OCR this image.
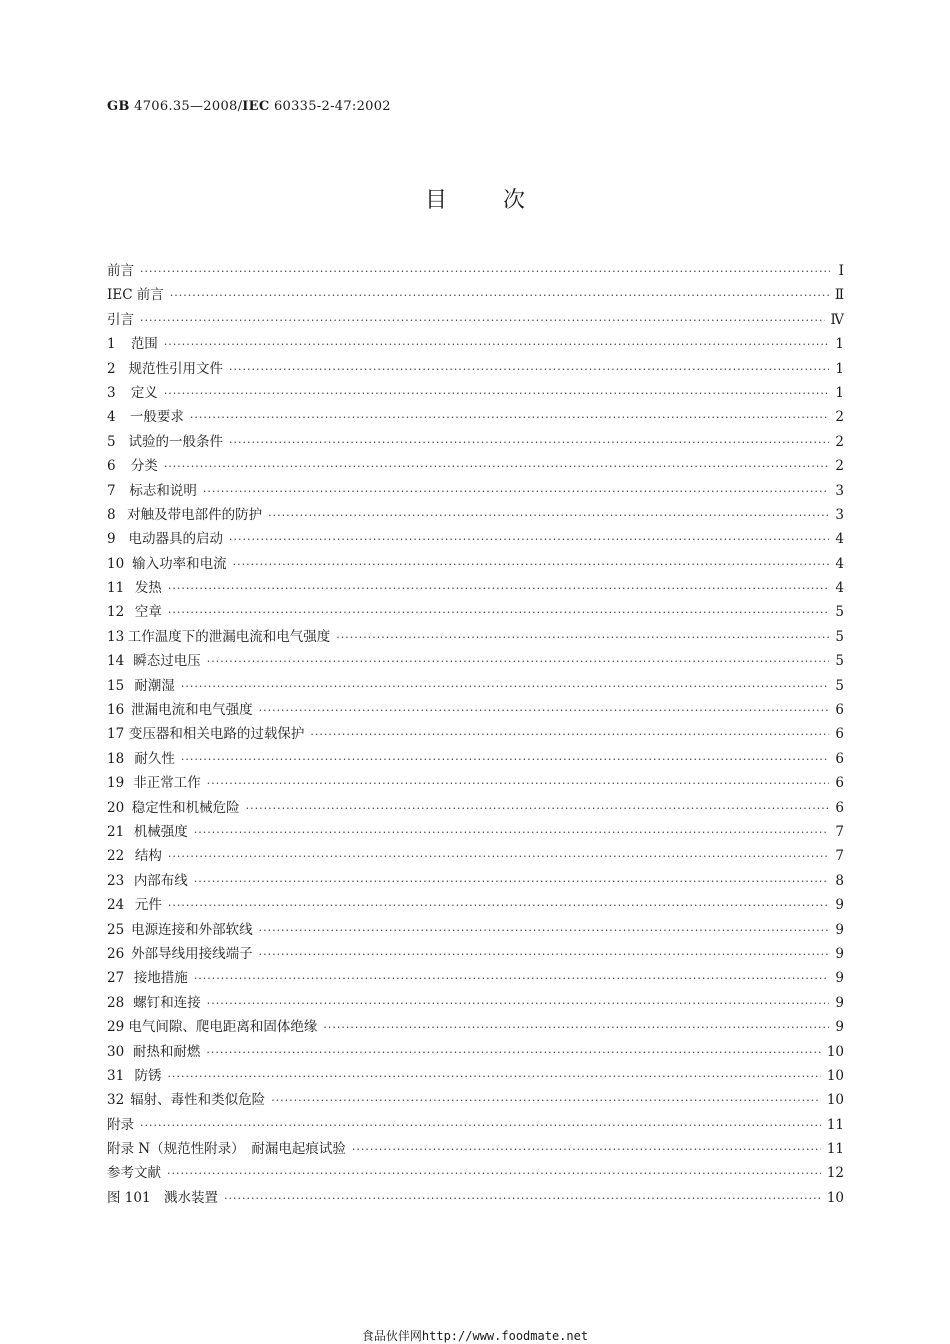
GB 4706.35—2008/IEC 60335-2-47:2002
目	次
前言 ·····	Ⅰ
IEC 前言 ·····	Ⅱ
引言 ·····	Ⅳ
1	范围 ·····	1
2 规范性引用文件 ·····	1
3	定义 ·····	1
4	一般要求 ·····	2
5 试验的一般条件 ·····	2
6	分类 ·····	2
7	标志和说明 ·····	3
8 对触及带电部件的防护 ·····	3
9 电动器具的启动 ·····	4
10 输入功率和电流 ·····	4
11 发热 ·····	4
12 空章 ·····	5
13 工作温度下的泄漏电流和电气强度 ·····	5
14 瞬态过电压 ·····	5
15 耐潮湿 ·····	5
16 泄漏电流和电气强度 ·····	6
17 变压器和相关电路的过载保护 ·····	6
18 耐久性 ·····	6
19 非正常工作 ·····	6
20 稳定性和机械危险 ·····	6
21 机械强度 ·····	7
22 结构 ·····	7
23 内部布线 ·····	8
24 元件 ·····	9
25 电源连接和外部软线 ·····	9
26 外部导线用接线端子 ·····	9
27 接地措施 ·····	9
28 螺钉和连接 ·····	9
29 电气间隙、爬电距离和固体绝缘 ·····	9
30 耐热和耐燃 ·····	10
31 防锈 ·····	10
32 辐射、毒性和类似危险 ·····	10
附录 ·····	11
附录 N（规范性附录）　耐漏电起痕试验 ·····	11
参考文献 ·····	12
图 101　溅水装置 ·····	10
食品伙伴网http://www.foodmate.net
